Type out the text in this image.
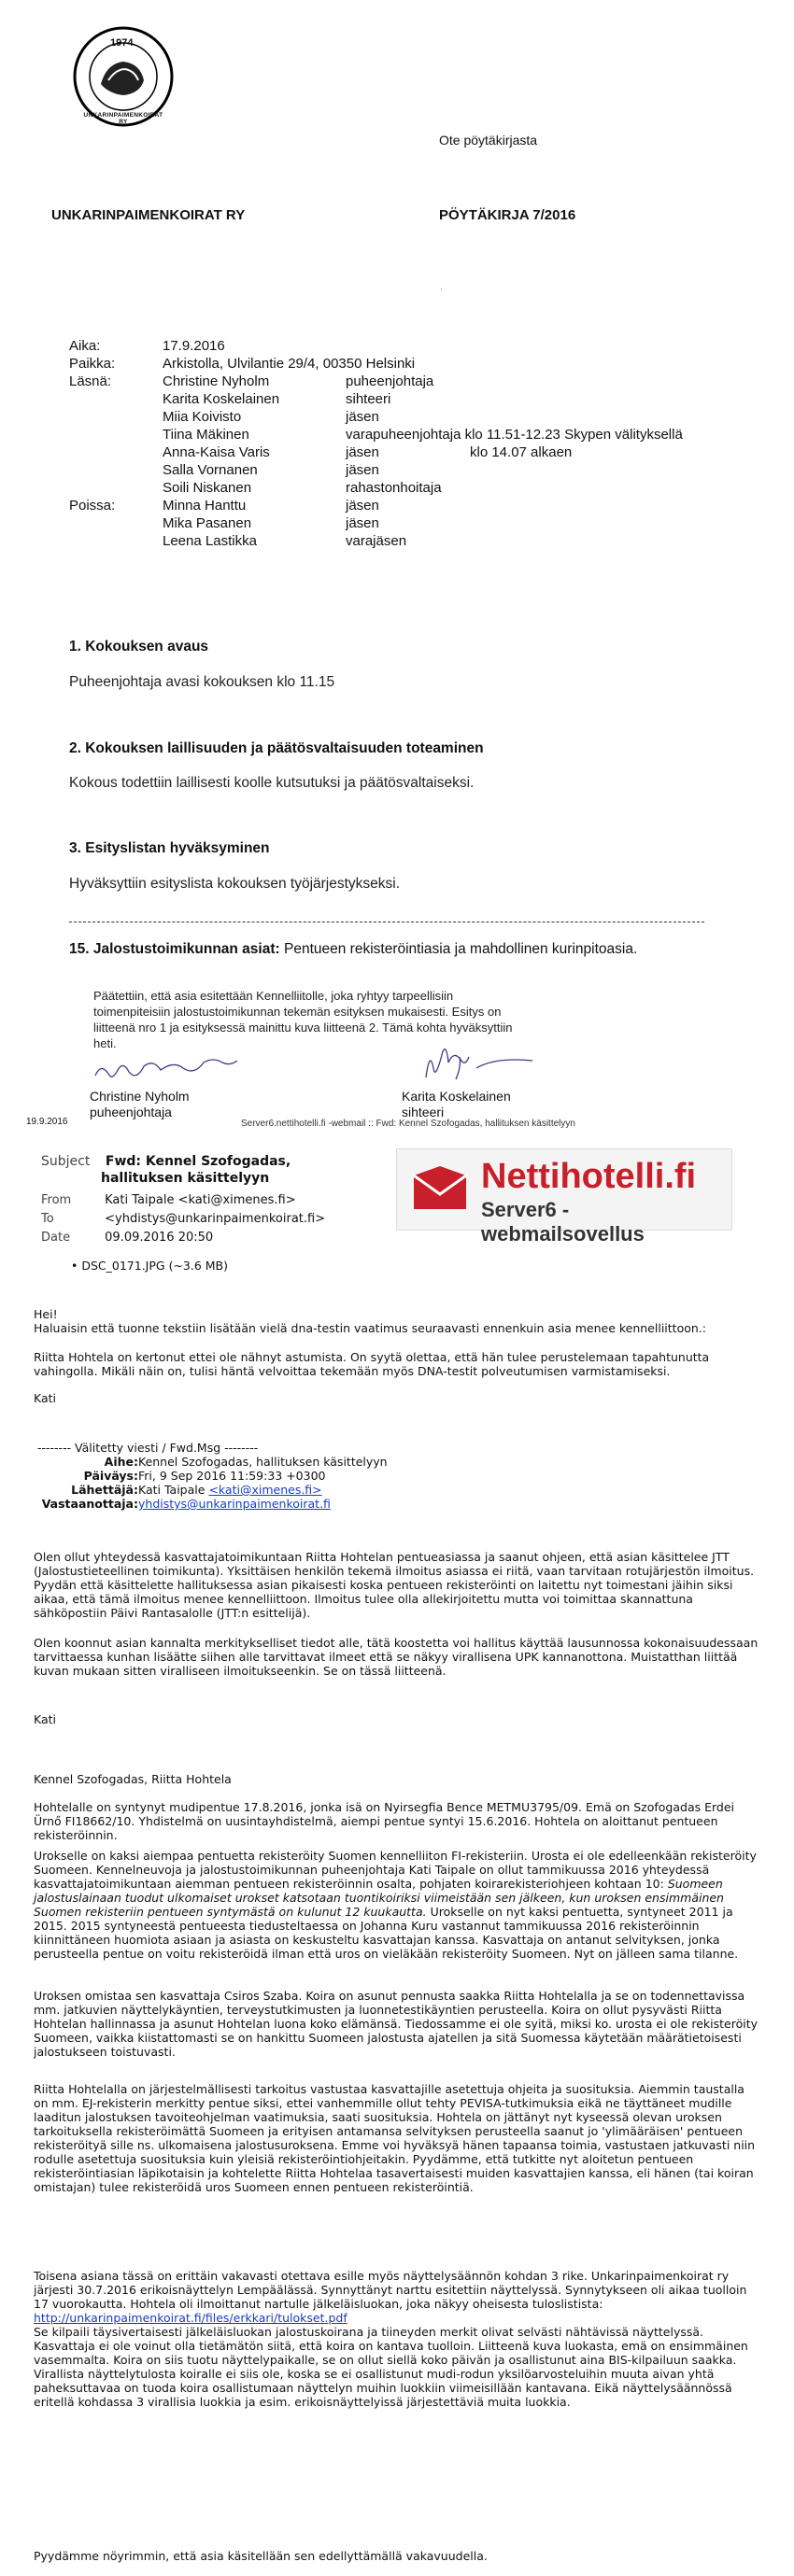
1974
UNKARINPAIMENKOIRAT RY
Ote pöytäkirjasta
UNKARINPAIMENKOIRAT RY	PÖYTÄKIRJA 7/2016
.
Aika:	17.9.2016
Paikka:	Arkistolla, Ulvilantie 29/4, 00350 Helsinki
Läsnä:	Christine Nyholm	puheenjohtaja
Karita Koskelainen	sihteeri
Miia Koivisto	jäsen
Tiina Mäkinen	varapuheenjohtaja klo 11.51-12.23 Skypen välityksellä
Anna-Kaisa Varis	jäsen	klo 14.07 alkaen
Salla Vornanen	jäsen
Soili Niskanen	rahastonhoitaja
Poissa:	Minna Hanttu	jäsen
Mika Pasanen	jäsen
Leena Lastikka	varajäsen
1. Kokouksen avaus
Puheenjohtaja avasi kokouksen klo 11.15
2. Kokouksen laillisuuden ja päätösvaltaisuuden toteaminen
Kokous todettiin laillisesti koolle kutsutuksi ja päätösvaltaiseksi.
3. Esityslistan hyväksyminen
Hyväksyttiin esityslista kokouksen työjärjestykseksi.
15. Jalostustoimikunnan asiat: Pentueen rekisteröintiasia ja mahdollinen kurinpitoasia.
Päätettiin, että asia esitettään Kennelliitolle, joka ryhtyy tarpeellisiin toimenpiteisiin jalostustoimikunnan tekemän esityksen mukaisesti. Esitys on liitteenä nro 1 ja esityksessä mainittu kuva liitteenä 2. Tämä kohta hyväksyttiin heti.
Christine Nyholm
puheenjohtaja
Karita Koskelainen
sihteeri
19.9.2016	Server6.nettihotelli.fi -webmail :: Fwd: Kennel Szofogadas, hallituksen käsittelyyn
Subject Fwd: Kennel Szofogadas,
hallituksen käsittelyyn
From	Kati Taipale <kati@ximenes.fi>
To	<yhdistys@unkarinpaimenkoirat.fi>
Date	09.09.2016 20:50
Nettihotelli.fi
Server6 -webmailsovellus
• DSC_0171.JPG (~3.6 MB)
Hei!
Haluaisin että tuonne tekstiin lisätään vielä dna-testin vaatimus seuraavasti ennenkuin asia menee kennelliittoon.:
Riitta Hohtela on kertonut ettei ole nähnyt astumista. On syytä olettaa, että hän tulee perustelemaan tapahtunutta vahingolla. Mikäli näin on, tulisi häntä velvoittaa tekemään myös DNA-testit polveutumisen varmistamiseksi.
Kati
-------- Välitetty viesti / Fwd.Msg --------
Aihe:Kennel Szofogadas, hallituksen käsittelyyn
Päiväys:Fri, 9 Sep 2016 11:59:33 +0300
Lähettäjä:Kati Taipale <kati@ximenes.fi>
Vastaanottaja:yhdistys@unkarinpaimenkoirat.fi
Olen ollut yhteydessä kasvattajatoimikuntaan Riitta Hohtelan pentueasiassa ja saanut ohjeen, että asian käsittelee JTT (Jalostustieteellinen toimikunta). Yksittäisen henkilön tekemä ilmoitus asiassa ei riitä, vaan tarvitaan rotujärjestön ilmoitus. Pyydän että käsittelette hallituksessa asian pikaisesti koska pentueen rekisteröinti on laitettu nyt toimestani jäihin siksi aikaa, että tämä ilmoitus menee kennelliittoon. Ilmoitus tulee olla allekirjoitettu mutta voi toimittaa skannattuna sähköpostiin Päivi Rantasalolle (JTT:n esittelijä).
Olen koonnut asian kannalta merkitykselliset tiedot alle, tätä koostetta voi hallitus käyttää lausunnossa kokonaisuudessaan tarvittaessa kunhan lisäätte siihen alle tarvittavat ilmeet että se näkyy virallisena UPK kannanottona. Muistatthan liittää kuvan mukaan sitten viralliseen ilmoitukseenkin. Se on tässä liitteenä.
Kati
Kennel Szofogadas, Riitta Hohtela
Hohtelalle on syntynyt mudipentue 17.8.2016, jonka isä on Nyirsegfia Bence METMU3795/09. Emä on Szofogadas Erdei Ürnő FI18662/10. Yhdistelmä on uusintayhdistelmä, aiempi pentue syntyi 15.6.2016. Hohtela on aloittanut pentueen rekisteröinnin.
Urokselle on kaksi aiempaa pentuetta rekisteröity Suomen kennelliiton FI-rekisteriin. Urosta ei ole edelleenkään rekisteröity Suomeen. Kennelneuvoja ja jalostustoimikunnan puheenjohtaja Kati Taipale on ollut tammikuussa 2016 yhteydessä kasvattajatoimikuntaan aiemman pentueen rekisteröinnin osalta, pohjaten koirarekisteriohjeen kohtaan 10: Suomeen jalostuslainaan tuodut ulkomaiset urokset katsotaan tuontikoiriksi viimeistään sen jälkeen, kun uroksen ensimmäinen Suomen rekisteriin pentueen syntymästä on kulunut 12 kuukautta. Urokselle on nyt kaksi pentuetta, syntyneet 2011 ja 2015. 2015 syntyneestä pentueesta tiedusteltaessa on Johanna Kuru vastannut tammikuussa 2016 rekisteröinnin kiinnittäneen huomiota asiaan ja asiasta on keskusteltu kasvattajan kanssa. Kasvattaja on antanut selvityksen, jonka perusteella pentue on voitu rekisteröidä ilman että uros on vieläkään rekisteröity Suomeen. Nyt on jälleen sama tilanne.
Uroksen omistaa sen kasvattaja Csiros Szaba. Koira on asunut pennusta saakka Riitta Hohtelalla ja se on todennettavissa mm. jatkuvien näyttelykäyntien, terveystutkimusten ja luonnetestikäyntien perusteella. Koira on ollut pysyvästi Riitta Hohtelan hallinnassa ja asunut Hohtelan luona koko elämänsä. Tiedossamme ei ole syitä, miksi ko. urosta ei ole rekisteröity Suomeen, vaikka kiistattomasti se on hankittu Suomeen jalostusta ajatellen ja sitä Suomessa käytetään määrätietoisesti jalostukseen toistuvasti.
Riitta Hohtelalla on järjestelmällisesti tarkoitus vastustaa kasvattajille asetettuja ohjeita ja suosituksia. Aiemmin taustalla on mm. EJ-rekisterin merkitty pentue siksi, ettei vanhemmille ollut tehty PEVISA-tutkimuksia eikä ne täyttäneet mudille laaditun jalostuksen tavoiteohjelman vaatimuksia, saati suosituksia. Hohtela on jättänyt nyt kyseessä olevan uroksen tarkoituksella rekisteröimättä Suomeen ja erityisen antamansa selvityksen perusteella saanut jo 'ylimääräisen' pentueen rekisteröityä sille ns. ulkomaisena jalostusuroksena. Emme voi hyväksyä hänen tapaansa toimia, vastustaen jatkuvasti niin rodulle asetettuja suosituksia kuin yleisiä rekisteröintiohjeitakin. Pyydämme, että tutkitte nyt aloitetun pentueen rekisteröintiasian läpikotaisin ja kohtelette Riitta Hohtelaa tasavertaisesti muiden kasvattajien kanssa, eli hänen (tai koiran omistajan) tulee rekisteröidä uros Suomeen ennen pentueen rekisteröintiä.
Toisena asiana tässä on erittäin vakavasti otettava esille myös näyttelysäännön kohdan 3 rike. Unkarinpaimenkoirat ry järjesti 30.7.2016 erikoisnäyttelyn Lempäälässä. Synnyttänyt narttu esitettiin näyttelyssä. Synnytykseen oli aikaa tuolloin 17 vuorokautta. Hohtela oli ilmoittanut nartulle jälkeläisluokan, joka näkyy oheisesta tuloslistista:
http://unkarinpaimenkoirat.fi/files/erkkari/tulokset.pdf
Se kilpaili täysivertaisesti jälkeläisluokan jalostuskoirana ja tiineyden merkit olivat selvästi nähtävissä näyttelyssä. Kasvattaja ei ole voinut olla tietämätön siitä, että koira on kantava tuolloin. Liitteenä kuva luokasta, emä on ensimmäinen vasemmalta. Koira on siis tuotu näyttelypaikalle, se on ollut siellä koko päivän ja osallistunut aina BIS-kilpailuun saakka. Virallista näyttelytulosta koiralle ei siis ole, koska se ei osallistunut mudi-rodun yksilöarvosteluihin muuta aivan yhtä paheksuttavaa on tuoda koira osallistumaan näyttelyn muihin luokkiin viimeisillään kantavana. Eikä näyttelysäännössä eritellä kohdassa 3 virallisia luokkia ja esim. erikoisnäyttelyissä järjestettäviä muita luokkia.
Pyydämme nöyrimmin, että asia käsitellään sen edellyttämällä vakavuudella.
